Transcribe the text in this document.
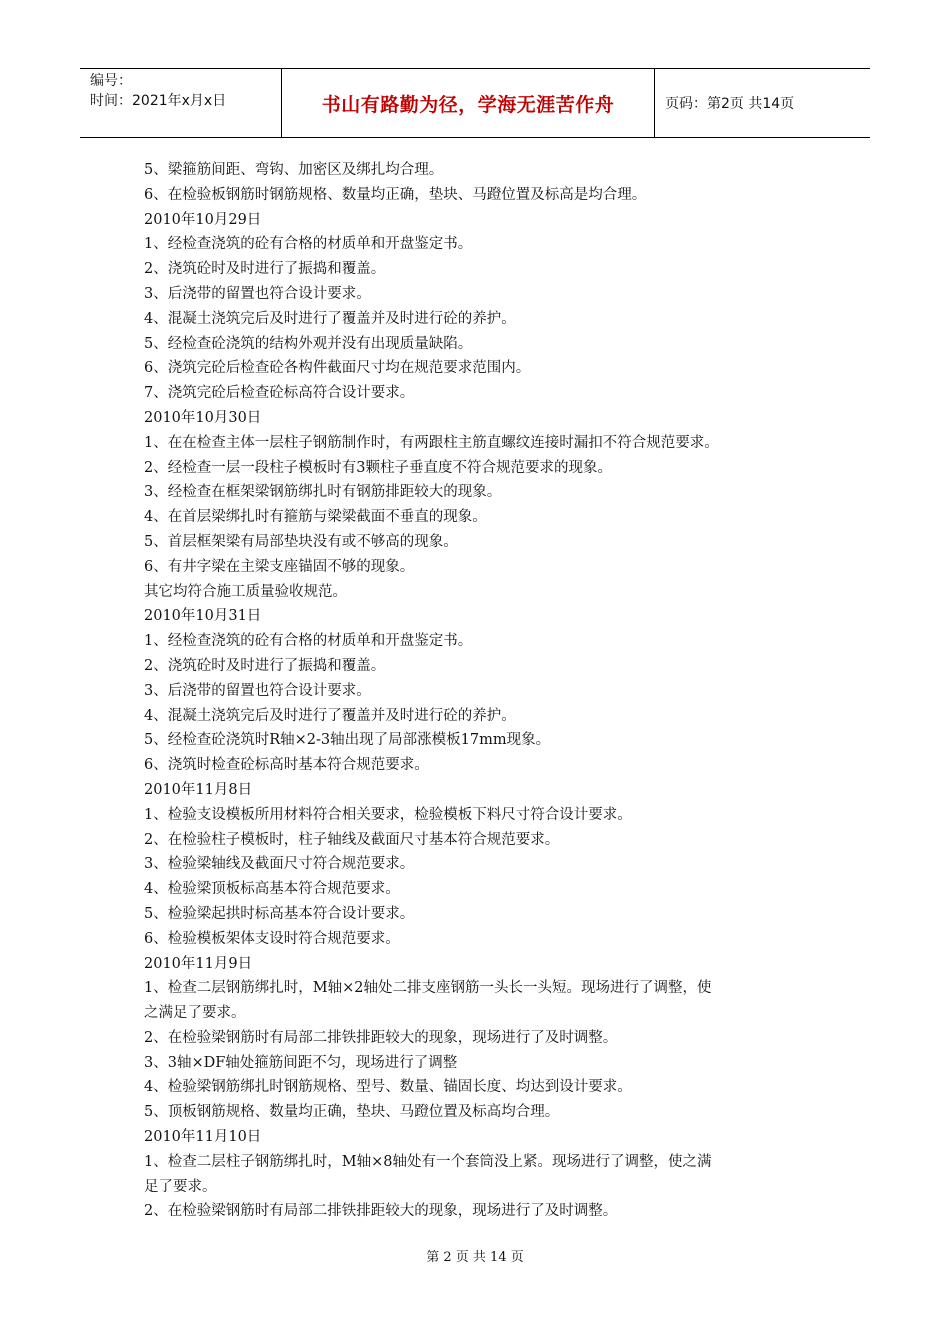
编号：
时间：2021年x月x日	书山有路勤为径，学海无涯苦作舟	页码：第2页 共14页

5、梁箍筋间距、弯钩、加密区及绑扎均合理。

6、在检验板钢筋时钢筋规格、数量均正确，垫块、马蹬位置及标高是均合理。

2010年10月29日

1、经检查浇筑的砼有合格的材质单和开盘鉴定书。

2、浇筑砼时及时进行了振捣和覆盖。

3、后浇带的留置也符合设计要求。

4、混凝土浇筑完后及时进行了覆盖并及时进行砼的养护。

5、经检查砼浇筑的结构外观并没有出现质量缺陷。

6、浇筑完砼后检查砼各构件截面尺寸均在规范要求范围内。

7、浇筑完砼后检查砼标高符合设计要求。

2010年10月30日

1、在在检查主体一层柱子钢筋制作时，有两跟柱主筋直螺纹连接时漏扣不符合规范要求。

2、经检查一层一段柱子模板时有3颗柱子垂直度不符合规范要求的现象。

3、经检查在框架梁钢筋绑扎时有钢筋排距较大的现象。

4、在首层梁绑扎时有箍筋与梁梁截面不垂直的现象。

5、首层框架梁有局部垫块没有或不够高的现象。

6、有井字梁在主梁支座锚固不够的现象。

其它均符合施工质量验收规范。

2010年10月31日

1、经检查浇筑的砼有合格的材质单和开盘鉴定书。

2、浇筑砼时及时进行了振捣和覆盖。

3、后浇带的留置也符合设计要求。

4、混凝土浇筑完后及时进行了覆盖并及时进行砼的养护。

5、经检查砼浇筑时R轴×2-3轴出现了局部涨模板17mm现象。

6、浇筑时检查砼标高时基本符合规范要求。

2010年11月8日

1、检验支设模板所用材料符合相关要求，检验模板下料尺寸符合设计要求。

2、在检验柱子模板时，柱子轴线及截面尺寸基本符合规范要求。

3、检验梁轴线及截面尺寸符合规范要求。

4、检验梁顶板标高基本符合规范要求。

5、检验梁起拱时标高基本符合设计要求。

6、检验模板架体支设时符合规范要求。

2010年11月9日

1、检查二层钢筋绑扎时，M轴×2轴处二排支座钢筋一头长一头短。现场进行了调整，使

之满足了要求。

2、在检验梁钢筋时有局部二排铁排距较大的现象，现场进行了及时调整。

3、3轴×DF轴处箍筋间距不匀，现场进行了调整

4、检验梁钢筋绑扎时钢筋规格、型号、数量、锚固长度、均达到设计要求。

5、顶板钢筋规格、数量均正确，垫块、马蹬位置及标高均合理。

2010年11月10日

1、检查二层柱子钢筋绑扎时，M轴×8轴处有一个套筒没上紧。现场进行了调整，使之满

足了要求。

2、在检验梁钢筋时有局部二排铁排距较大的现象，现场进行了及时调整。

第 2 页 共 14 页
